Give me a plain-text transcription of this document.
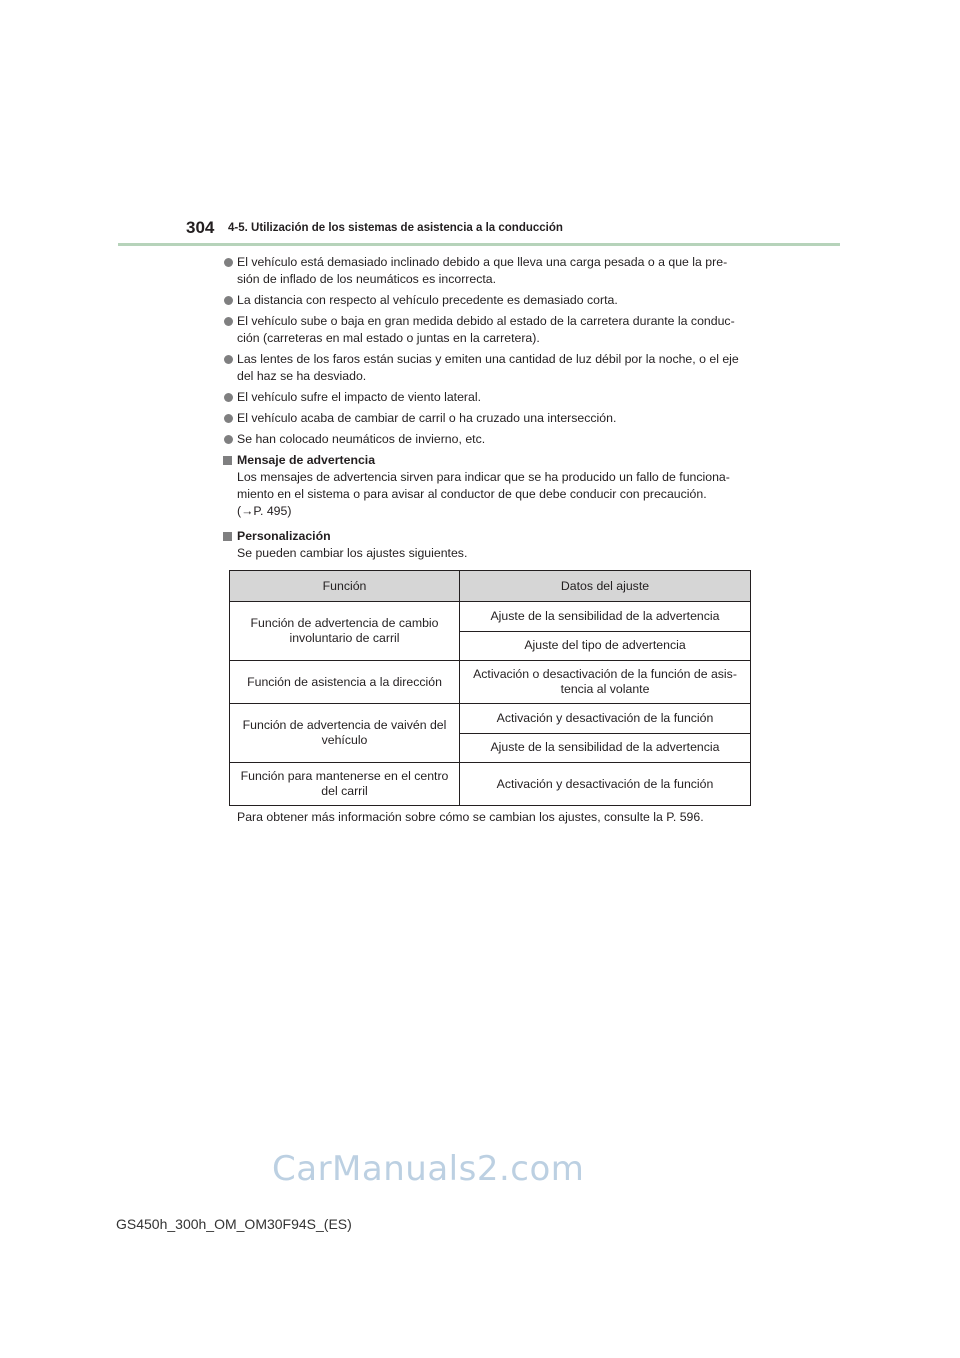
304 4-5. Utilización de los sistemas de asistencia a la conducción
El vehículo está demasiado inclinado debido a que lleva una carga pesada o a que la pre-
sión de inflado de los neumáticos es incorrecta.
La distancia con respecto al vehículo precedente es demasiado corta.
El vehículo sube o baja en gran medida debido al estado de la carretera durante la conduc-
ción (carreteras en mal estado o juntas en la carretera).
Las lentes de los faros están sucias y emiten una cantidad de luz débil por la noche, o el eje
del haz se ha desviado.
El vehículo sufre el impacto de viento lateral.
El vehículo acaba de cambiar de carril o ha cruzado una intersección.
Se han colocado neumáticos de invierno, etc.
Mensaje de advertencia
Los mensajes de advertencia sirven para indicar que se ha producido un fallo de funciona-
miento en el sistema o para avisar al conductor de que debe conducir con precaución.
(→P. 495)
Personalización
Se pueden cambiar los ajustes siguientes.
Función	Datos del ajuste
Función de advertencia de cambio involuntario de carril	Ajuste de la sensibilidad de la advertencia
	Ajuste del tipo de advertencia
Función de asistencia a la dirección	Activación o desactivación de la función de asis- tencia al volante
Función de advertencia de vaivén del vehículo	Activación y desactivación de la función
	Ajuste de la sensibilidad de la advertencia
Función para mantenerse en el centro del carril	Activación y desactivación de la función
Para obtener más información sobre cómo se cambian los ajustes, consulte la P. 596.
CarManuals2.com
GS450h_300h_OM_OM30F94S_(ES)
